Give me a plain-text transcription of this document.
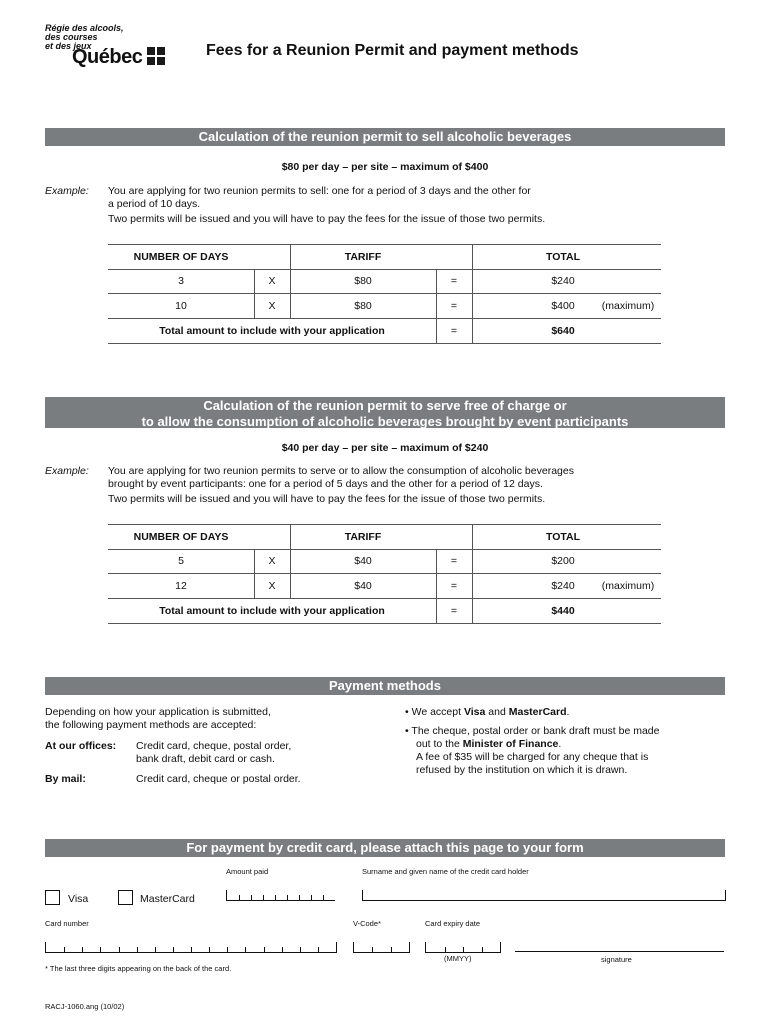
Régie des alcools,
des courses
et des jeux
Québec	Fees for a Reunion Permit and payment methods
Calculation of the reunion permit to sell alcoholic beverages
$80 per day – per site – maximum of $400
Example: You are applying for two reunion permits to sell: one for a period of 3 days and the other for
a period of 10 days.
Two permits will be issued and you will have to pay the fees for the issue of those two permits.
NUMBER OF DAYS	TARIFF	TOTAL
3	X	$80	=	$240
10	X	$80	=	$400	(maximum)
Total amount to include with your application	=	$640
Calculation of the reunion permit to serve free of charge or
to allow the consumption of alcoholic beverages brought by event participants
$40 per day – per site – maximum of $240
Example: You are applying for two reunion permits to serve or to allow the consumption of alcoholic beverages
brought by event participants: one for a period of 5 days and the other for a period of 12 days.
Two permits will be issued and you will have to pay the fees for the issue of those two permits.
NUMBER OF DAYS	TARIFF	TOTAL
5	X	$40	=	$200
12	X	$40	=	$240	(maximum)
Total amount to include with your application	=	$440
Payment methods
Depending on how your application is submitted,
the following payment methods are accepted:
At our offices: Credit card, cheque, postal order,
bank draft, debit card or cash.
By mail:	Credit card, cheque or postal order.
• We accept Visa and MasterCard.
• The cheque, postal order or bank draft must be made
out to the Minister of Finance.
A fee of $35 will be charged for any cheque that is
refused by the institution on which it is drawn.
For payment by credit card, please attach this page to your form
Amount paid	Surname and given name of the credit card holder
Visa	MasterCard
Card number	V-Code*	Card expiry date
(MMYY)	signature
* The last three digits appearing on the back of the card.
RACJ-1060.ang (10/02)
